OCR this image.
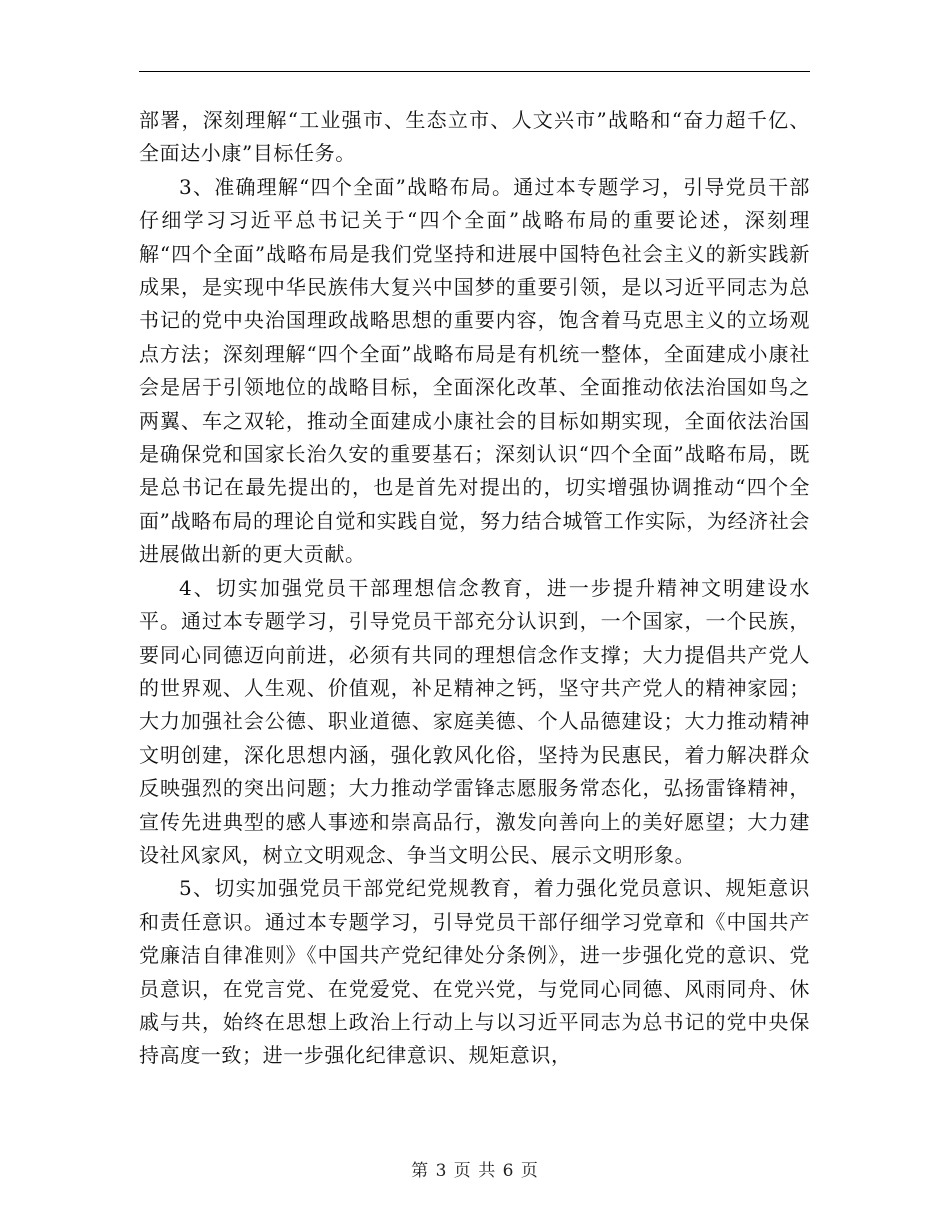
部署，深刻理解“工业强市、生态立市、人文兴市”战略和“奋力超千亿、全面达小康”目标任务。

3、准确理解“四个全面”战略布局。通过本专题学习，引导党员干部仔细学习习近平总书记关于“四个全面”战略布局的重要论述，深刻理解“四个全面”战略布局是我们党坚持和进展中国特色社会主义的新实践新成果，是实现中华民族伟大复兴中国梦的重要引领，是以习近平同志为总书记的党中央治国理政战略思想的重要内容，饱含着马克思主义的立场观点方法；深刻理解“四个全面”战略布局是有机统一整体，全面建成小康社会是居于引领地位的战略目标，全面深化改革、全面推动依法治国如鸟之两翼、车之双轮，推动全面建成小康社会的目标如期实现，全面依法治国是确保党和国家长治久安的重要基石；深刻认识“四个全面”战略布局，既是总书记在最先提出的，也是首先对提出的，切实增强协调推动“四个全面”战略布局的理论自觉和实践自觉，努力结合城管工作实际，为经济社会进展做出新的更大贡献。

4、切实加强党员干部理想信念教育，进一步提升精神文明建设水平。通过本专题学习，引导党员干部充分认识到，一个国家，一个民族，要同心同德迈向前进，必须有共同的理想信念作支撑；大力提倡共产党人的世界观、人生观、价值观，补足精神之钙，坚守共产党人的精神家园；大力加强社会公德、职业道德、家庭美德、个人品德建设；大力推动精神文明创建，深化思想内涵，强化敦风化俗，坚持为民惠民，着力解决群众反映强烈的突出问题；大力推动学雷锋志愿服务常态化，弘扬雷锋精神，宣传先进典型的感人事迹和崇高品行，激发向善向上的美好愿望；大力建设社风家风，树立文明观念、争当文明公民、展示文明形象。

5、切实加强党员干部党纪党规教育，着力强化党员意识、规矩意识和责任意识。通过本专题学习，引导党员干部仔细学习党章和《中国共产党廉洁自律准则》《中国共产党纪律处分条例》，进一步强化党的意识、党员意识，在党言党、在党爱党、在党兴党，与党同心同德、风雨同舟、休戚与共，始终在思想上政治上行动上与以习近平同志为总书记的党中央保持高度一致；进一步强化纪律意识、规矩意识，

第 3 页 共 6 页
